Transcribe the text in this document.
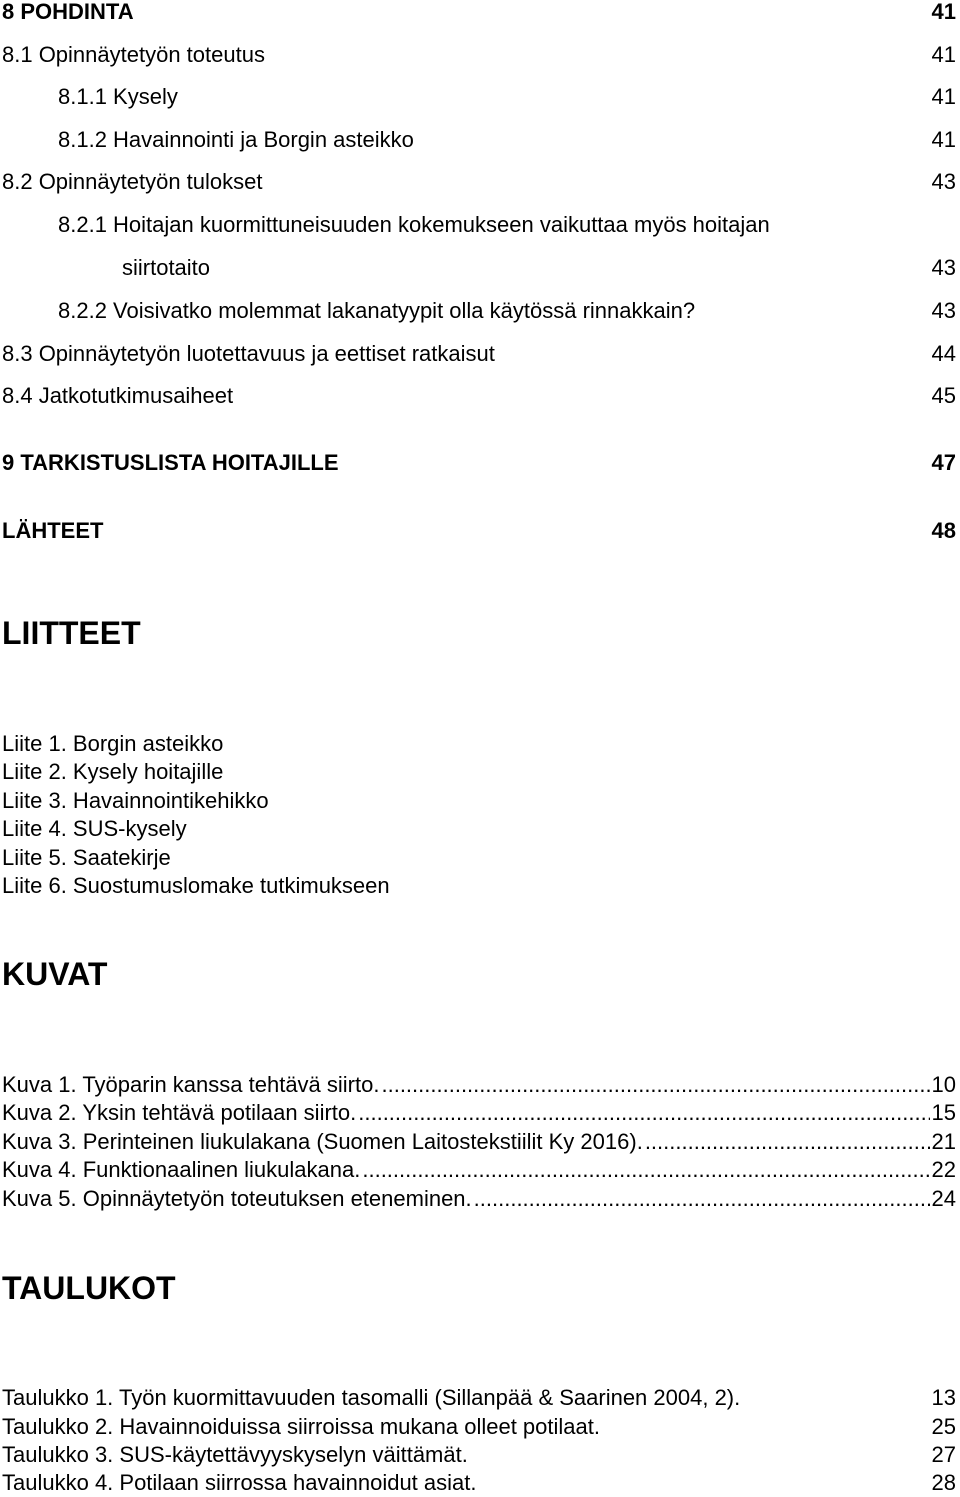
8 POHDINTA	41
8.1 Opinnäytetyön toteutus	41
8.1.1 Kysely	41
8.1.2 Havainnointi ja Borgin asteikko	41
8.2 Opinnäytetyön tulokset	43
8.2.1 Hoitajan kuormittuneisuuden kokemukseen vaikuttaa myös hoitajan
siirtotaito	43
8.2.2 Voisivatko molemmat lakanatyypit olla käytössä rinnakkain?	43
8.3 Opinnäytetyön luotettavuus ja eettiset ratkaisut	44
8.4 Jatkotutkimusaiheet	45
9 TARKISTUSLISTA HOITAJILLE	47
LÄHTEET	48
LIITTEET
Liite 1. Borgin asteikko
Liite 2. Kysely hoitajille
Liite 3. Havainnointikehikko
Liite 4. SUS-kysely
Liite 5. Saatekirje
Liite 6. Suostumuslomake tutkimukseen
KUVAT
Kuva 1. Työparin kanssa tehtävä siirto. .....	10
Kuva 2. Yksin tehtävä potilaan siirto. .....	15
Kuva 3. Perinteinen liukulakana (Suomen Laitostekstiilit Ky 2016). .....	21
Kuva 4. Funktionaalinen liukulakana. .....	22
Kuva 5. Opinnäytetyön toteutuksen eteneminen. .....	24
TAULUKOT
Taulukko 1. Työn kuormittavuuden tasomalli (Sillanpää & Saarinen 2004, 2).	13
Taulukko 2. Havainnoiduissa siirroissa mukana olleet potilaat.	25
Taulukko 3. SUS-käytettävyyskyselyn väittämät.	27
Taulukko 4. Potilaan siirrossa havainnoidut asiat.	28
